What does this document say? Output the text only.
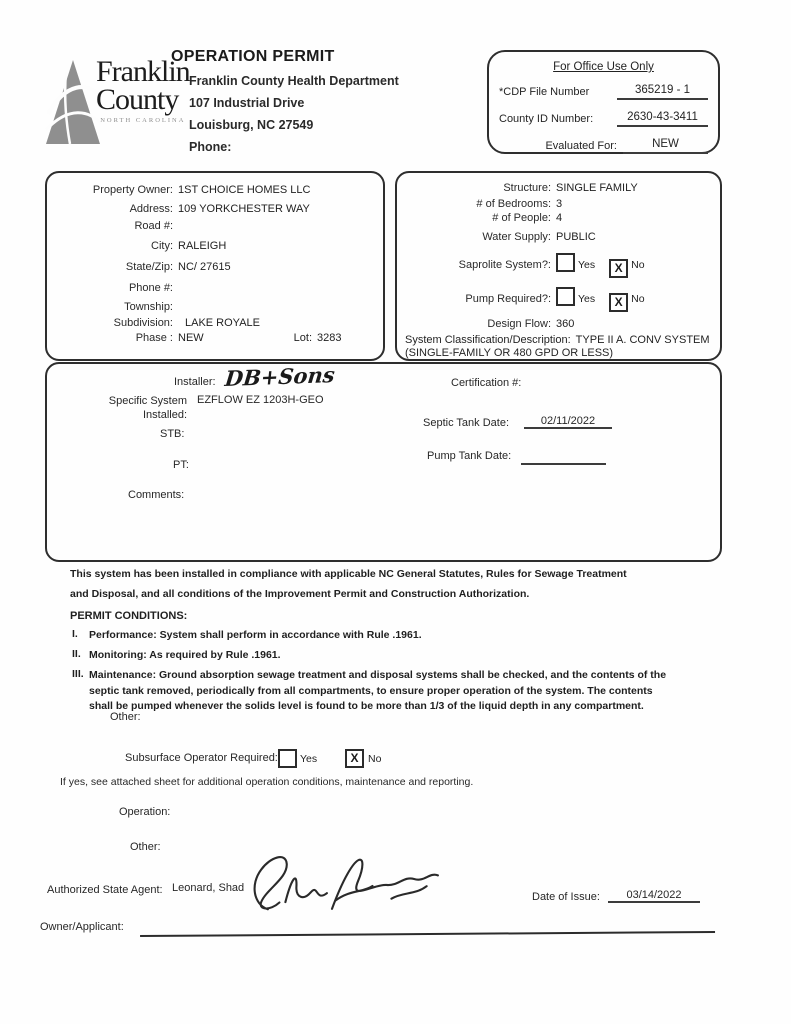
Franklin
County
NORTH CAROLINA
OPERATION PERMIT
Franklin County Health Department
107 Industrial Drive
Louisburg, NC 27549
Phone:
For Office Use Only
*CDP File Number	365219 - 1
County ID Number:	2630-43-3411
Evaluated For:	NEW
Property Owner: 1ST CHOICE HOMES LLC
Address: 109 YORKCHESTER WAY
Road #:
City: RALEIGH
State/Zip: NC/ 27615
Phone #:
Township:
Subdivision: LAKE ROYALE
Phase : NEW	Lot: 3283
Structure: SINGLE FAMILY
# of Bedrooms: 3
# of People: 4
Water Supply: PUBLIC
Saprolite System?:	Yes X No
Pump Required?:	Yes X No
Design Flow: 360
System Classification/Description: TYPE II A. CONV SYSTEM
(SINGLE-FAMILY OR 480 GPD OR LESS)
Installer: DB+Sons
Specific System
Installed:
EZFLOW EZ 1203H-GEO
STB:
PT:
Comments:
Certification #:
Septic Tank Date:	02/11/2022
Pump Tank Date:
This system has been installed in compliance with applicable NC General Statutes, Rules for Sewage Treatment and Disposal, and all conditions of the Improvement Permit and Construction Authorization.
PERMIT CONDITIONS:
I.	Performance: System shall perform in accordance with Rule .1961.
II. Monitoring: As required by Rule .1961.
III. Maintenance: Ground absorption sewage treatment and disposal systems shall be checked, and the contents of the septic tank removed, periodically from all compartments, to ensure proper operation of the system. The contents shall be pumped whenever the solids level is found to be more than 1/3 of the liquid depth in any compartment.
Other:
Subsurface Operator Required: Yes	X No
If yes, see attached sheet for additional operation conditions, maintenance and reporting.
Operation:
Other:
Authorized State Agent: Leonard, Shad
Date of Issue:	03/14/2022
Owner/Applicant:
